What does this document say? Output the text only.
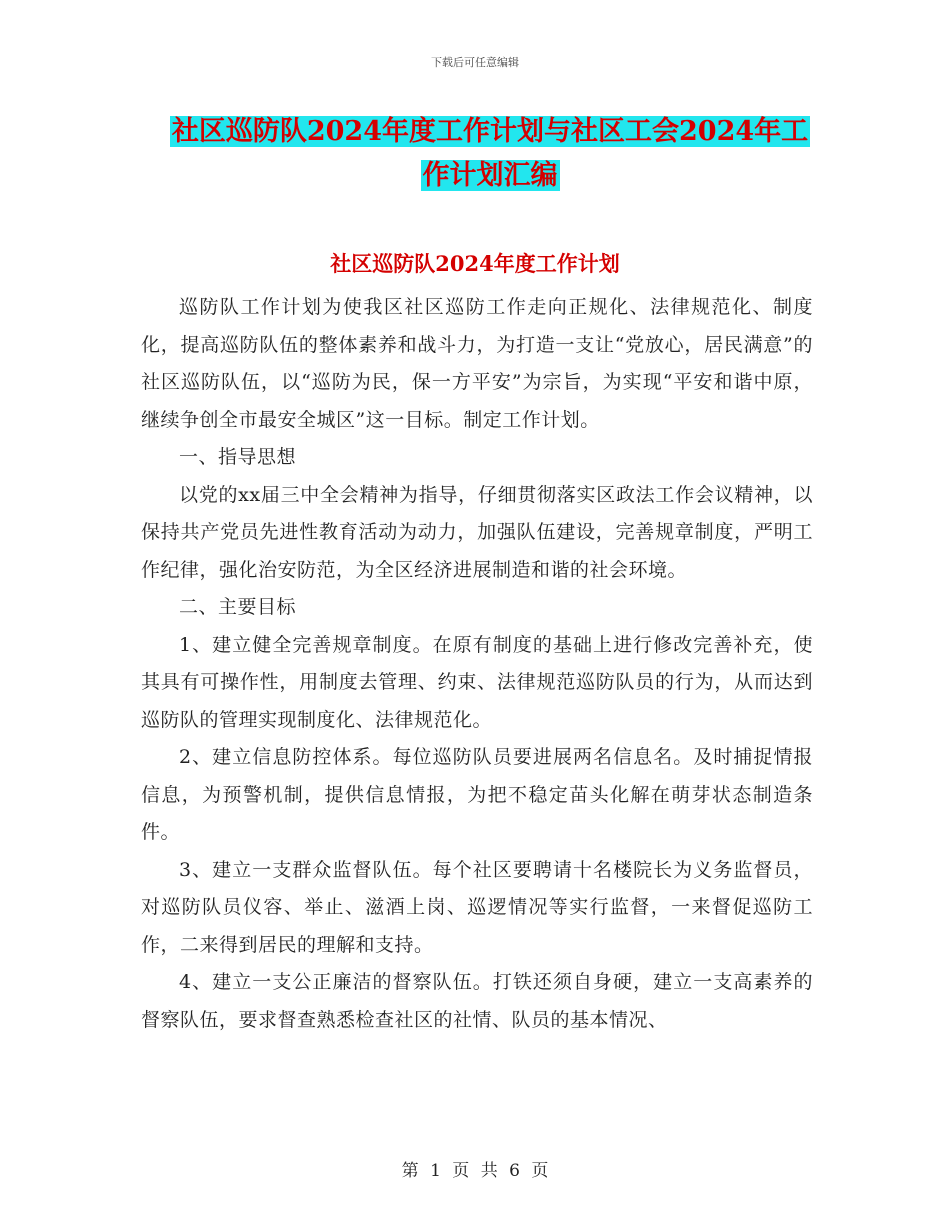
下载后可任意编辑
社区巡防队2024年度工作计划与社区工会2024年工
作计划汇编
社区巡防队2024年度工作计划

巡防队工作计划为使我区社区巡防工作走向正规化、法律规范化、制度化，提高巡防队伍的整体素养和战斗力，为打造一支让“党放心，居民满意”的社区巡防队伍，以“巡防为民，保一方平安”为宗旨，为实现“平安和谐中原，继续争创全市最安全城区”这一目标。制定工作计划。

一、指导思想

以党的xx届三中全会精神为指导，仔细贯彻落实区政法工作会议精神，以保持共产党员先进性教育活动为动力，加强队伍建设，完善规章制度，严明工作纪律，强化治安防范，为全区经济进展制造和谐的社会环境。

二、主要目标

1、建立健全完善规章制度。在原有制度的基础上进行修改完善补充，使其具有可操作性，用制度去管理、约束、法律规范巡防队员的行为，从而达到巡防队的管理实现制度化、法律规范化。

2、建立信息防控体系。每位巡防队员要进展两名信息名。及时捕捉情报信息，为预警机制，提供信息情报，为把不稳定苗头化解在萌芽状态制造条件。

3、建立一支群众监督队伍。每个社区要聘请十名楼院长为义务监督员，对巡防队员仪容、举止、滋酒上岗、巡逻情况等实行监督，一来督促巡防工作，二来得到居民的理解和支持。

4、建立一支公正廉洁的督察队伍。打铁还须自身硬，建立一支高素养的督察队伍，要求督查熟悉检查社区的社情、队员的基本情况、

第 1 页 共 6 页
